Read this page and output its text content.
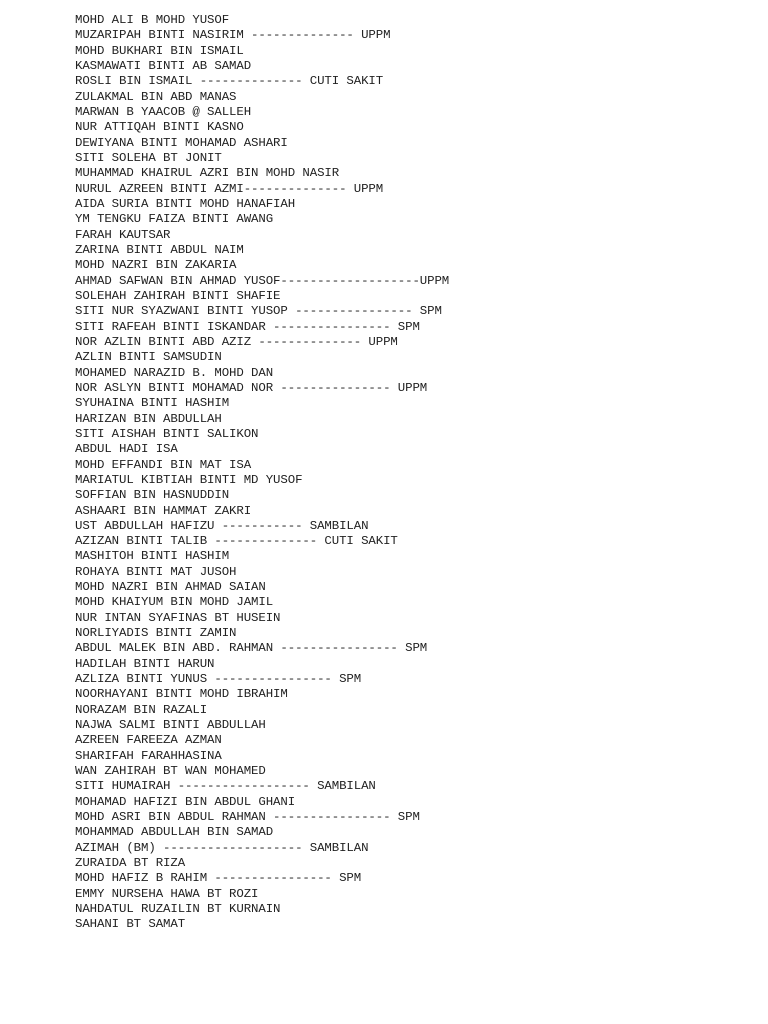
MOHD ALI B MOHD YUSOF
MUZARIPAH BINTI NASIRIM -------------- UPPM
MOHD BUKHARI BIN ISMAIL
KASMAWATI BINTI AB SAMAD
ROSLI BIN ISMAIL -------------- CUTI SAKIT
ZULAKMAL BIN ABD MANAS
MARWAN B YAACOB @ SALLEH
NUR ATTIQAH BINTI KASNO
DEWIYANA BINTI MOHAMAD ASHARI
SITI SOLEHA BT JONIT
MUHAMMAD KHAIRUL AZRI BIN MOHD NASIR
NURUL AZREEN BINTI AZMI-------------- UPPM
AIDA SURIA BINTI MOHD HANAFIAH
YM TENGKU FAIZA BINTI AWANG
FARAH KAUTSAR
ZARINA BINTI ABDUL NAIM
MOHD NAZRI BIN ZAKARIA
AHMAD SAFWAN BIN AHMAD YUSOF-------------------UPPM
SOLEHAH ZAHIRAH BINTI SHAFIE
SITI NUR SYAZWANI BINTI YUSOP ---------------- SPM
SITI RAFEAH BINTI ISKANDAR ---------------- SPM
NOR AZLIN BINTI ABD AZIZ -------------- UPPM
AZLIN BINTI SAMSUDIN
MOHAMED NARAZID B. MOHD DAN
NOR ASLYN BINTI MOHAMAD NOR --------------- UPPM
SYUHAINA BINTI HASHIM
HARIZAN BIN ABDULLAH
SITI AISHAH BINTI SALIKON
ABDUL HADI ISA
MOHD EFFANDI BIN MAT ISA
MARIATUL KIBTIAH BINTI MD YUSOF
SOFFIAN BIN HASNUDDIN
ASHAARI BIN HAMMAT ZAKRI
UST ABDULLAH HAFIZU ----------- SAMBILAN
AZIZAN BINTI TALIB -------------- CUTI SAKIT
MASHITOH BINTI HASHIM
ROHAYA BINTI MAT JUSOH
MOHD NAZRI BIN AHMAD SAIAN
MOHD KHAIYUM BIN MOHD JAMIL
NUR INTAN SYAFINAS BT HUSEIN
NORLIYADIS BINTI ZAMIN
ABDUL MALEK BIN ABD. RAHMAN ---------------- SPM
HADILAH BINTI HARUN
AZLIZA BINTI YUNUS ---------------- SPM
NOORHAYANI BINTI MOHD IBRAHIM
NORAZAM BIN RAZALI
NAJWA SALMI BINTI ABDULLAH
AZREEN FAREEZA AZMAN
SHARIFAH FARAHHASINA
WAN ZAHIRAH BT WAN MOHAMED
SITI HUMAIRAH ------------------ SAMBILAN
MOHAMAD HAFIZI BIN ABDUL GHANI
MOHD ASRI BIN ABDUL RAHMAN ---------------- SPM
MOHAMMAD ABDULLAH BIN SAMAD
AZIMAH (BM) ------------------- SAMBILAN
ZURAIDA BT RIZA
MOHD HAFIZ B RAHIM ---------------- SPM
EMMY NURSEHA HAWA BT ROZI
NAHDATUL RUZAILIN BT KURNAIN
SAHANI BT SAMAT
